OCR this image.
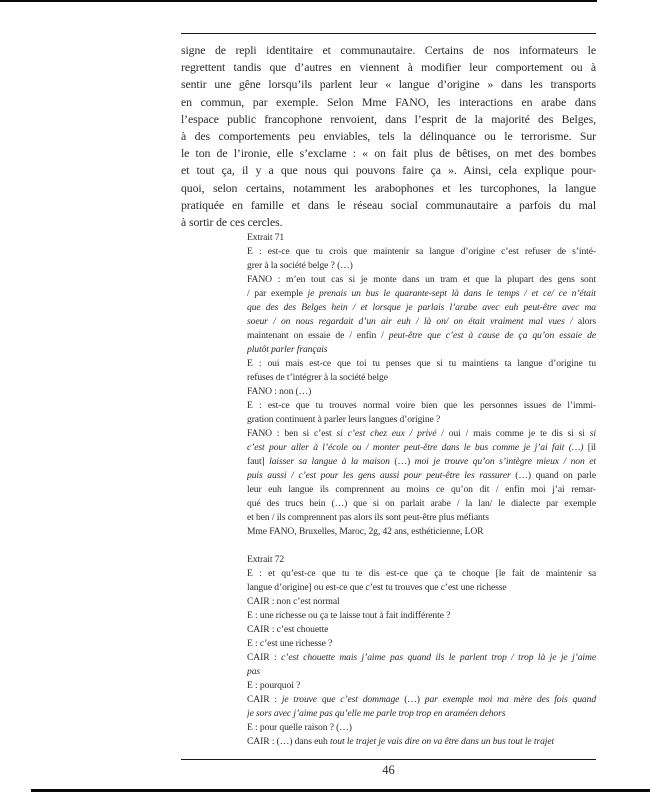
signe de repli identitaire et communautaire. Certains de nos informateurs le
regrettent tandis que d’autres en viennent à modifier leur comportement ou à
sentir une gêne lorsqu’ils parlent leur « langue d’origine » dans les transports
en commun, par exemple. Selon Mme FANO, les interactions en arabe dans
l’espace public francophone renvoient, dans l’esprit de la majorité des Belges,
à des comportements peu enviables, tels la délinquance ou le terrorisme. Sur
le ton de l’ironie, elle s’exclame : « on fait plus de bêtises, on met des bombes
et tout ça, il y a que nous qui pouvons faire ça ». Ainsi, cela explique pour-
quoi, selon certains, notamment les arabophones et les turcophones, la langue
pratiquée en famille et dans le réseau social communautaire a parfois du mal
à sortir de ces cercles.
Extrait 71
E : est-ce que tu crois que maintenir sa langue d’origine c’est refuser de s’inté-
grer à la société belge ? (…)
FANO : m’en tout cas si je monte dans un tram et que la plupart des gens sont
/ par exemple je prenais un bus le quarante-sept là dans le temps / et ce/ ce n’était
que des des Belges hein / et lorsque je parlais l’arabe avec euh peut-être avec ma
soeur / on nous regardait d’un air euh / là on/ on était vraiment mal vues / alors
maintenant on essaie de / enfin / peut-être que c’est à cause de ça qu’on essaie de
plutôt parler français
E : oui mais est-ce que toi tu penses que si tu maintiens ta langue d’origine tu
refuses de t’intégrer à la société belge
FANO : non (…)
E : est-ce que tu trouves normal voire bien que les personnes issues de l’immi-
gration continuent à parler leurs langues d’origine ?
FANO : ben si c’est si c’est chez eux / privé / oui / mais comme je te dis si si si
c’est pour aller à l’école ou / monter peut-être dans le bus comme je j’ai fait (…) [il
faut] laisser sa langue à la maison (…) moi je trouve qu’on s’intègre mieux / non et
puis aussi / c’est pour les gens aussi pour peut-être les rassurer (…) quand on parle
leur euh langue ils comprennent au moins ce qu’on dit / enfin moi j’ai remar-
qué des trucs hein (…) que si on parlait arabe / la lan/ le dialecte par exemple
et ben / ils comprennent pas alors ils sont peut-être plus méfiants
Mme FANO, Bruxelles, Maroc, 2g, 42 ans, esthéticienne, LOR
Extrait 72
E : et qu’est-ce que tu te dis est-ce que ça te choque [le fait de maintenir sa
langue d’origine] ou est-ce que c’est tu trouves que c’est une richesse
CAIR : non c’est normal
E : une richesse ou ça te laisse tout à fait indifférente ?
CAIR : c’est chouette
E : c’est une richesse ?
CAIR : c’est chouette mais j’aime pas quand ils le parlent trop / trop là je je j’aime
pas
E : pourquoi ?
CAIR : je trouve que c’est dommage (…) par exemple moi ma mère des fois quand
je sors avec j’aime pas qu’elle me parle trop trop en araméen dehors
E : pour quelle raison ? (…)
CAIR : (…) dans euh tout le trajet je vais dire on va être dans un bus tout le trajet
46
